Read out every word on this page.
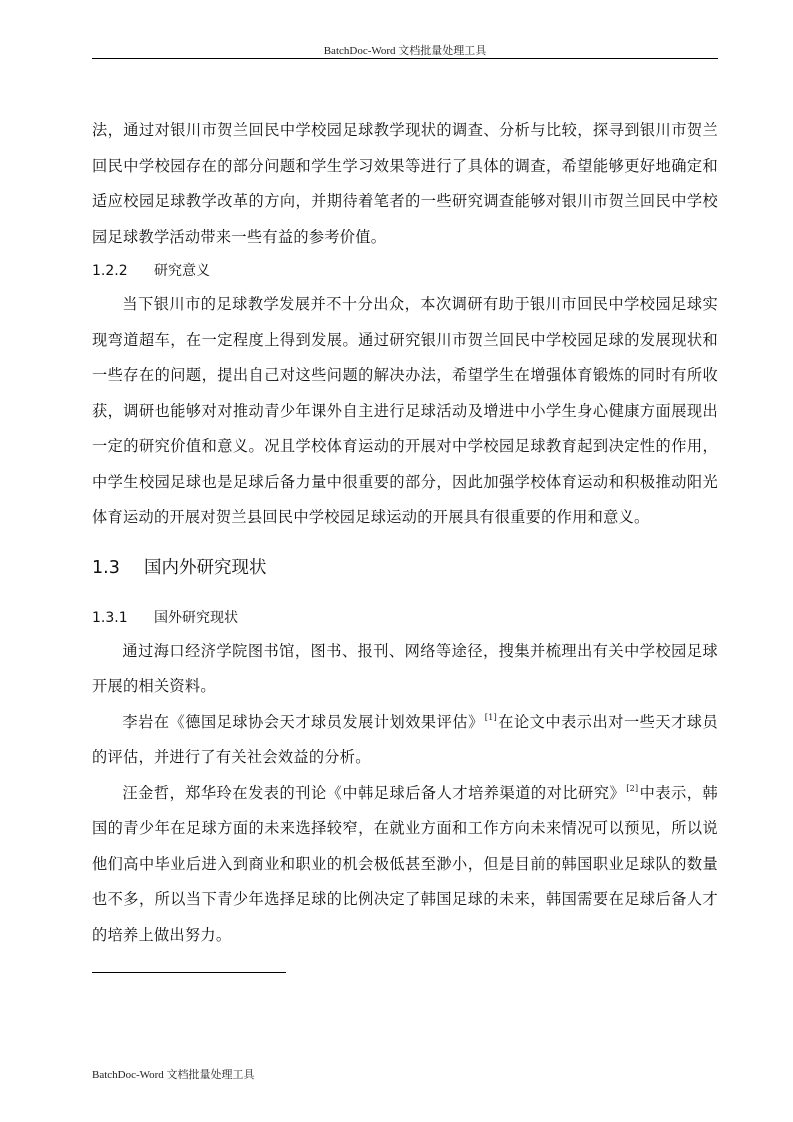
BatchDoc-Word 文档批量处理工具

法，通过对银川市贺兰回民中学校园足球教学现状的调查、分析与比较，探寻到银川市贺兰回民中学校园存在的部分问题和学生学习效果等进行了具体的调查，希望能够更好地确定和适应校园足球教学改革的方向，并期待着笔者的一些研究调查能够对银川市贺兰回民中学校园足球教学活动带来一些有益的参考价值。

1.2.2 研究意义

当下银川市的足球教学发展并不十分出众，本次调研有助于银川市回民中学校园足球实现弯道超车，在一定程度上得到发展。通过研究银川市贺兰回民中学校园足球的发展现状和一些存在的问题，提出自己对这些问题的解决办法，希望学生在增强体育锻炼的同时有所收获，调研也能够对对推动青少年课外自主进行足球活动及增进中小学生身心健康方面展现出一定的研究价值和意义。况且学校体育运动的开展对中学校园足球教育起到决定性的作用，中学生校园足球也是足球后备力量中很重要的部分，因此加强学校体育运动和积极推动阳光体育运动的开展对贺兰县回民中学校园足球运动的开展具有很重要的作用和意义。

1.3 国内外研究现状
1.3.1 国外研究现状

通过海口经济学院图书馆，图书、报刊、网络等途径，搜集并梳理出有关中学校园足球开展的相关资料。

李岩在《德国足球协会天才球员发展计划效果评估》[1]在论文中表示出对一些天才球员的评估，并进行了有关社会效益的分析。

汪金哲，郑华玲在发表的刊论《中韩足球后备人才培养渠道的对比研究》[2]中表示，韩国的青少年在足球方面的未来选择较窄，在就业方面和工作方向未来情况可以预见，所以说他们高中毕业后进入到商业和职业的机会极低甚至渺小，但是目前的韩国职业足球队的数量也不多，所以当下青少年选择足球的比例决定了韩国足球的未来，韩国需要在足球后备人才的培养上做出努力。

BatchDoc-Word 文档批量处理工具
